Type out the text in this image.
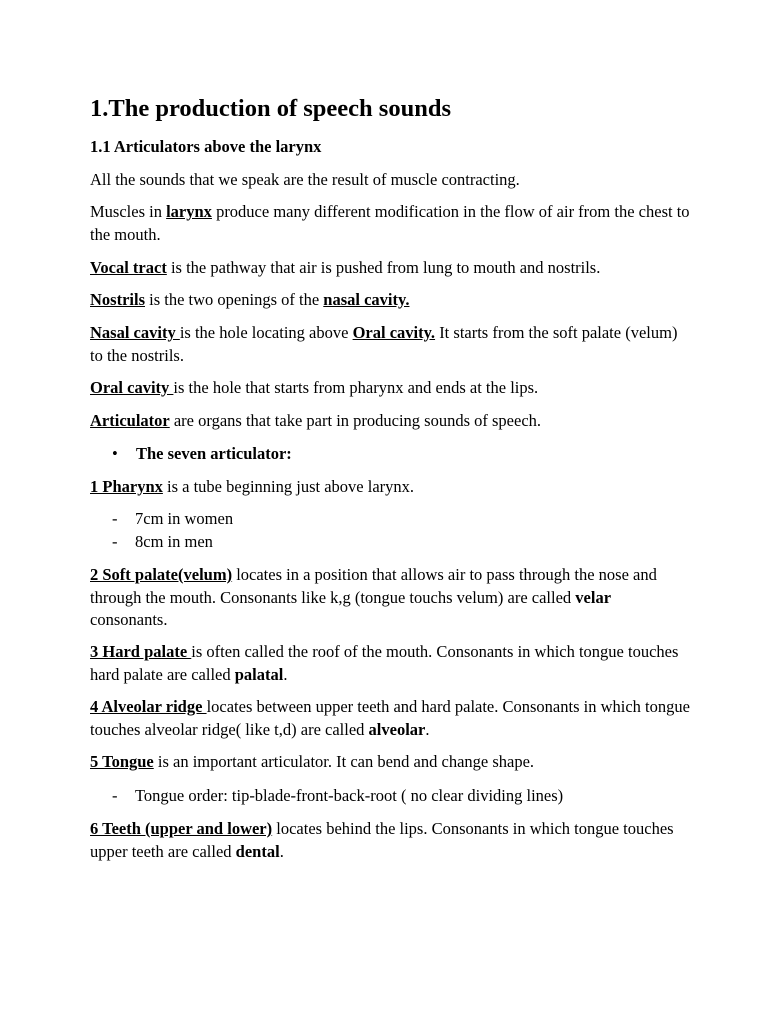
1.The production of speech sounds
1.1 Articulators above the larynx
All the sounds that we speak are the result of muscle contracting.
Muscles in larynx produce many different modification in the flow of air from the chest to the mouth.
Vocal tract is the pathway that air is pushed from lung to mouth and nostrils.
Nostrils is the two openings of the nasal cavity.
Nasal cavity is the hole locating above Oral cavity. It starts from the soft palate (velum) to the nostrils.
Oral cavity is the hole that starts from pharynx and ends at the lips.
Articulator are organs that take part in producing sounds of speech.
• The seven articulator:
1 Pharynx is a tube beginning just above larynx.
- 7cm in women
- 8cm in men
2 Soft palate(velum) locates in a position that allows air to pass through the nose and through the mouth. Consonants like k,g (tongue touchs velum) are called velar consonants.
3 Hard palate is often called the roof of the mouth. Consonants in which tongue touches hard palate are called palatal.
4 Alveolar ridge locates between upper teeth and hard palate. Consonants in which tongue touches alveolar ridge( like t,d) are called alveolar.
5 Tongue is an important articulator. It can bend and change shape.
- Tongue order: tip-blade-front-back-root ( no clear dividing lines)
6 Teeth (upper and lower) locates behind the lips. Consonants in which tongue touches upper teeth are called dental.
